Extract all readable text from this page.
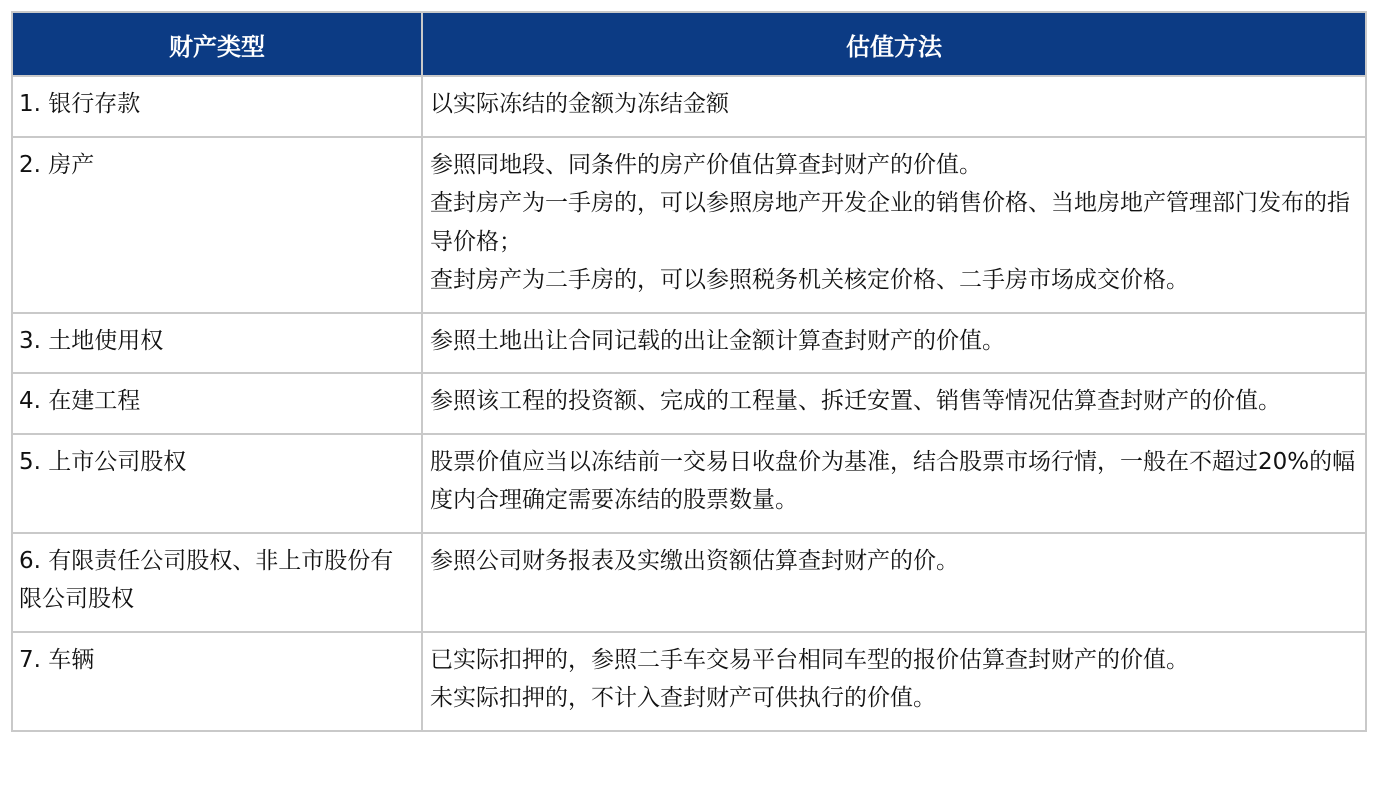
财产类型	估值方法
1. 银行存款	以实际冻结的金额为冻结金额

2. 房产	参照同地段、同条件的房产价值估算查封财产的价值。
查封房产为一手房的，可以参照房地产开发企业的销售价格、当地房地产管理部门发布的指导价格；
查封房产为二手房的，可以参照税务机关核定价格、二手房市场成交价格。

3. 土地使用权	参照土地出让合同记载的出让金额计算查封财产的价值。

4. 在建工程	参照该工程的投资额、完成的工程量、拆迁安置、销售等情况估算查封财产的价值。

5. 上市公司股权	股票价值应当以冻结前一交易日收盘价为基准，结合股票市场行情，一般在不超过20%的幅度内合理确定需要冻结的股票数量。

6. 有限责任公司股权、非上市股份有限公司股权	参照公司财务报表及实缴出资额估算查封财产的价。

7. 车辆	已实际扣押的，参照二手车交易平台相同车型的报价估算查封财产的价值。
未实际扣押的，不计入查封财产可供执行的价值。
